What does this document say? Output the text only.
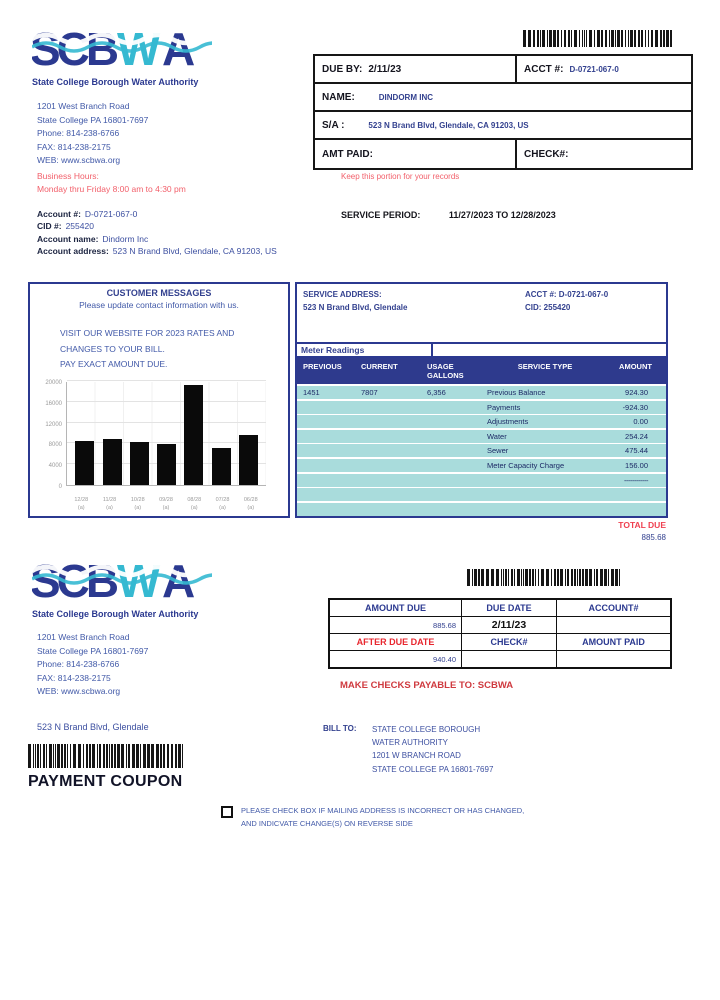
SCB W A
State College Borough Water Authority
1201 West Branch Road
State College PA 16801-7697
Phone: 814-238-6766
FAX: 814-238-2175
WEB: www.scbwa.org
Business Hours:
Monday thru Friday 8:00 am to 4:30 pm
Account #: D-0721-067-0
CID #: 255420
Account name: Dindorm Inc
Account address: 523 N Brand Blvd, Glendale, CA 91203, US
DUE BY: 2/11/23	ACCT #: D-0721-067-0
NAME:	DINDORM INC
S/A :	523 N Brand Blvd, Glendale, CA 91203, US
AMT PAID:	CHECK#:
Keep this portion for your records
SERVICE PERIOD:	11/27/2023 TO 12/28/2023
CUSTOMER MESSAGES
Please update contact information with us.
VISIT OUR WEBSITE FOR 2023 RATES AND
CHANGES TO YOUR BILL.
PAY EXACT AMOUNT DUE.
0
4000
8000
12000
16000
20000
12/28
(a)
11/28
(a)
10/28
(a)
09/28
(a)
08/28
(a)
07/28
(a)
06/28
(a)
SERVICE ADDRESS:
523 N Brand Blvd, Glendale
ACCT #: D-0721-067-0
CID: 255420
Meter Readings
PREVIOUS	CURRENT	USAGE GALLONS
SERVICE TYPE	AMOUNT
1451	7807	6,356	Previous Balance	924.30
Payments	-924.30
Adjustments	0.00
Water	254.24
Sewer	475.44
Meter Capacity Charge	156.00
------------
TOTAL DUE
885.68
SCB W A
State College Borough Water Authority
1201 West Branch Road
State College PA 16801-7697
Phone: 814-238-6766
FAX: 814-238-2175
WEB: www.scbwa.org
523 N Brand Blvd, Glendale
PAYMENT COUPON
AMOUNT DUE	DUE DATE	ACCOUNT#
885.68	2/11/23
AFTER DUE DATE	CHECK#	AMOUNT PAID
940.40
MAKE CHECKS PAYABLE TO: SCBWA
BILL TO: STATE COLLEGE BOROUGH
WATER AUTHORITY
1201 W BRANCH ROAD
STATE COLLEGE PA 16801-7697
PLEASE CHECK BOX IF MAILING ADDRESS IS INCORRECT OR HAS CHANGED,
AND INDICVATE CHANGE(S) ON REVERSE SIDE
